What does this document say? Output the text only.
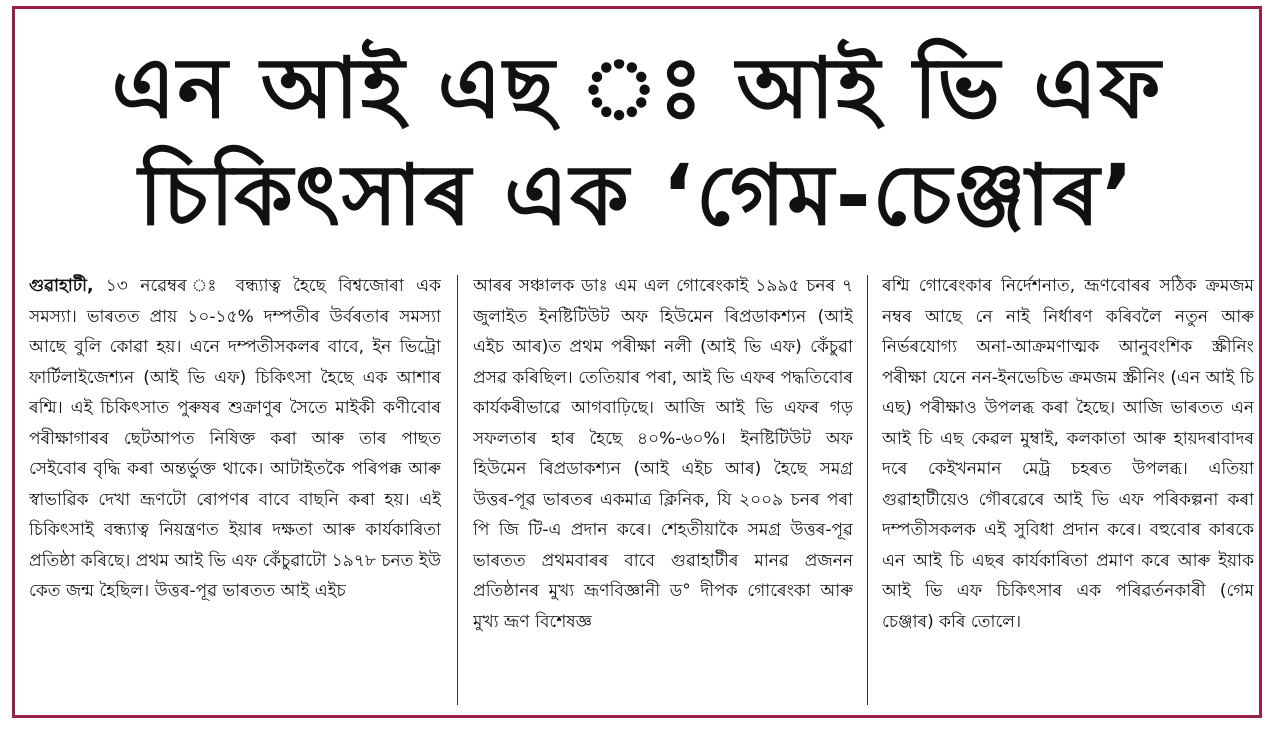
এন আই এছ ঃ আই ভি এফ
চিকিৎসাৰ এক ‘গেম-চেঞ্জাৰ’
গুৱাহাটী, ১৩ নৱেম্বৰ ঃ বন্ধ্যাত্ব হৈছে বিশ্বজোৰা এক সমস্যা। ভাৰতত প্ৰায় ১০-১৫% দম্পতীৰ উৰ্বৰতাৰ সমস্যা আছে বুলি কোৱা হয়। এনে দম্পতীসকলৰ বাবে, ইন ভিট্ৰো ফাৰ্টিলাইজেশ্যন (আই ভি এফ) চিকিৎসা হৈছে এক আশাৰ ৰশ্মি। এই চিকিৎসাত পুৰুষৰ শুক্ৰাণুৰ সৈতে মাইকী কণীবোৰ পৰীক্ষাগাৰৰ ছেটআপত নিষিক্ত কৰা আৰু তাৰ পাছত সেইবোৰ বৃদ্ধি কৰা অন্তৰ্ভুক্ত থাকে। আটাইতকৈ পৰিপক্ক আৰু স্বাভাৱিক দেখা ভ্ৰূণটো ৰোপণৰ বাবে বাছনি কৰা হয়। এই চিকিৎসাই বন্ধ্যাত্ব নিয়ন্ত্ৰণত ইয়াৰ দক্ষতা আৰু কাৰ্যকাৰিতা প্ৰতিষ্ঠা কৰিছে। প্ৰথম আই ভি এফ কেঁচুৱাটো ১৯৭৮ চনত ইউ কেত জন্ম হৈছিল। উত্তৰ-পূৱ ভাৰতত আই এইচ
আৰৰ সঞ্চালক ডাঃ এম এল গোৰেংকাই ১৯৯৫ চনৰ ৭ জুলাইত ইনষ্টিটিউট অফ হিউমেন ৰিপ্ৰডাকশ্যন (আই এইচ আৰ)ত প্ৰথম পৰীক্ষা নলী (আই ভি এফ) কেঁচুৱা প্ৰসৱ কৰিছিল। তেতিয়াৰ পৰা, আই ভি এফৰ পদ্ধতিবোৰ কাৰ্যকৰীভাৱে আগবাঢ়িছে। আজি আই ভি এফৰ গড় সফলতাৰ হাৰ হৈছে ৪০%-৬০%। ইনষ্টিটিউট অফ হিউমেন ৰিপ্ৰডাকশ্যন (আই এইচ আৰ) হৈছে সমগ্ৰ উত্তৰ-পূৱ ভাৰতৰ একমাত্ৰ ক্লিনিক, যি ২০০৯ চনৰ পৰা পি জি টি-এ প্ৰদান কৰে। শেহতীয়াকৈ সমগ্ৰ উত্তৰ-পূৱ ভাৰতত প্ৰথমবাৰৰ বাবে গুৱাহাটীৰ মানৱ প্ৰজনন প্ৰতিষ্ঠানৰ মুখ্য ভ্ৰূণবিজ্ঞানী ড° দীপক গোৰেংকা আৰু মুখ্য ভ্ৰূণ বিশেষজ্ঞ
ৰশ্মি গোৰেংকাৰ নিৰ্দেশনাত, ভ্ৰূণবোৰৰ সঠিক ক্ৰমজম নম্বৰ আছে নে নাই নিৰ্ধাৰণ কৰিবলৈ নতুন আৰু নিৰ্ভৰযোগ্য অনা-আক্ৰমণাত্মক আনুবংশিক স্ক্ৰীনিং পৰীক্ষা যেনে নন-ইনভেচিভ ক্ৰমজম স্ক্ৰীনিং (এন আই চি এছ) পৰীক্ষাও উপলব্ধ কৰা হৈছে। আজি ভাৰতত এন আই চি এছ কেৱল মুম্বাই, কলকাতা আৰু হায়দৰাবাদৰ দৰে কেইখনমান মেট্ৰ চহৰত উপলব্ধ। এতিয়া গুৱাহাটীয়েও গৌৰৱেৰে আই ভি এফ পৰিকল্পনা কৰা দম্পতীসকলক এই সুবিধা প্ৰদান কৰে। বহুবোৰ কাৰকে এন আই চি এছৰ কাৰ্যকাৰিতা প্ৰমাণ কৰে আৰু ইয়াক আই ভি এফ চিকিৎসাৰ এক পৰিৱৰ্তনকাৰী (গেম চেঞ্জাৰ) কৰি তোলে।
